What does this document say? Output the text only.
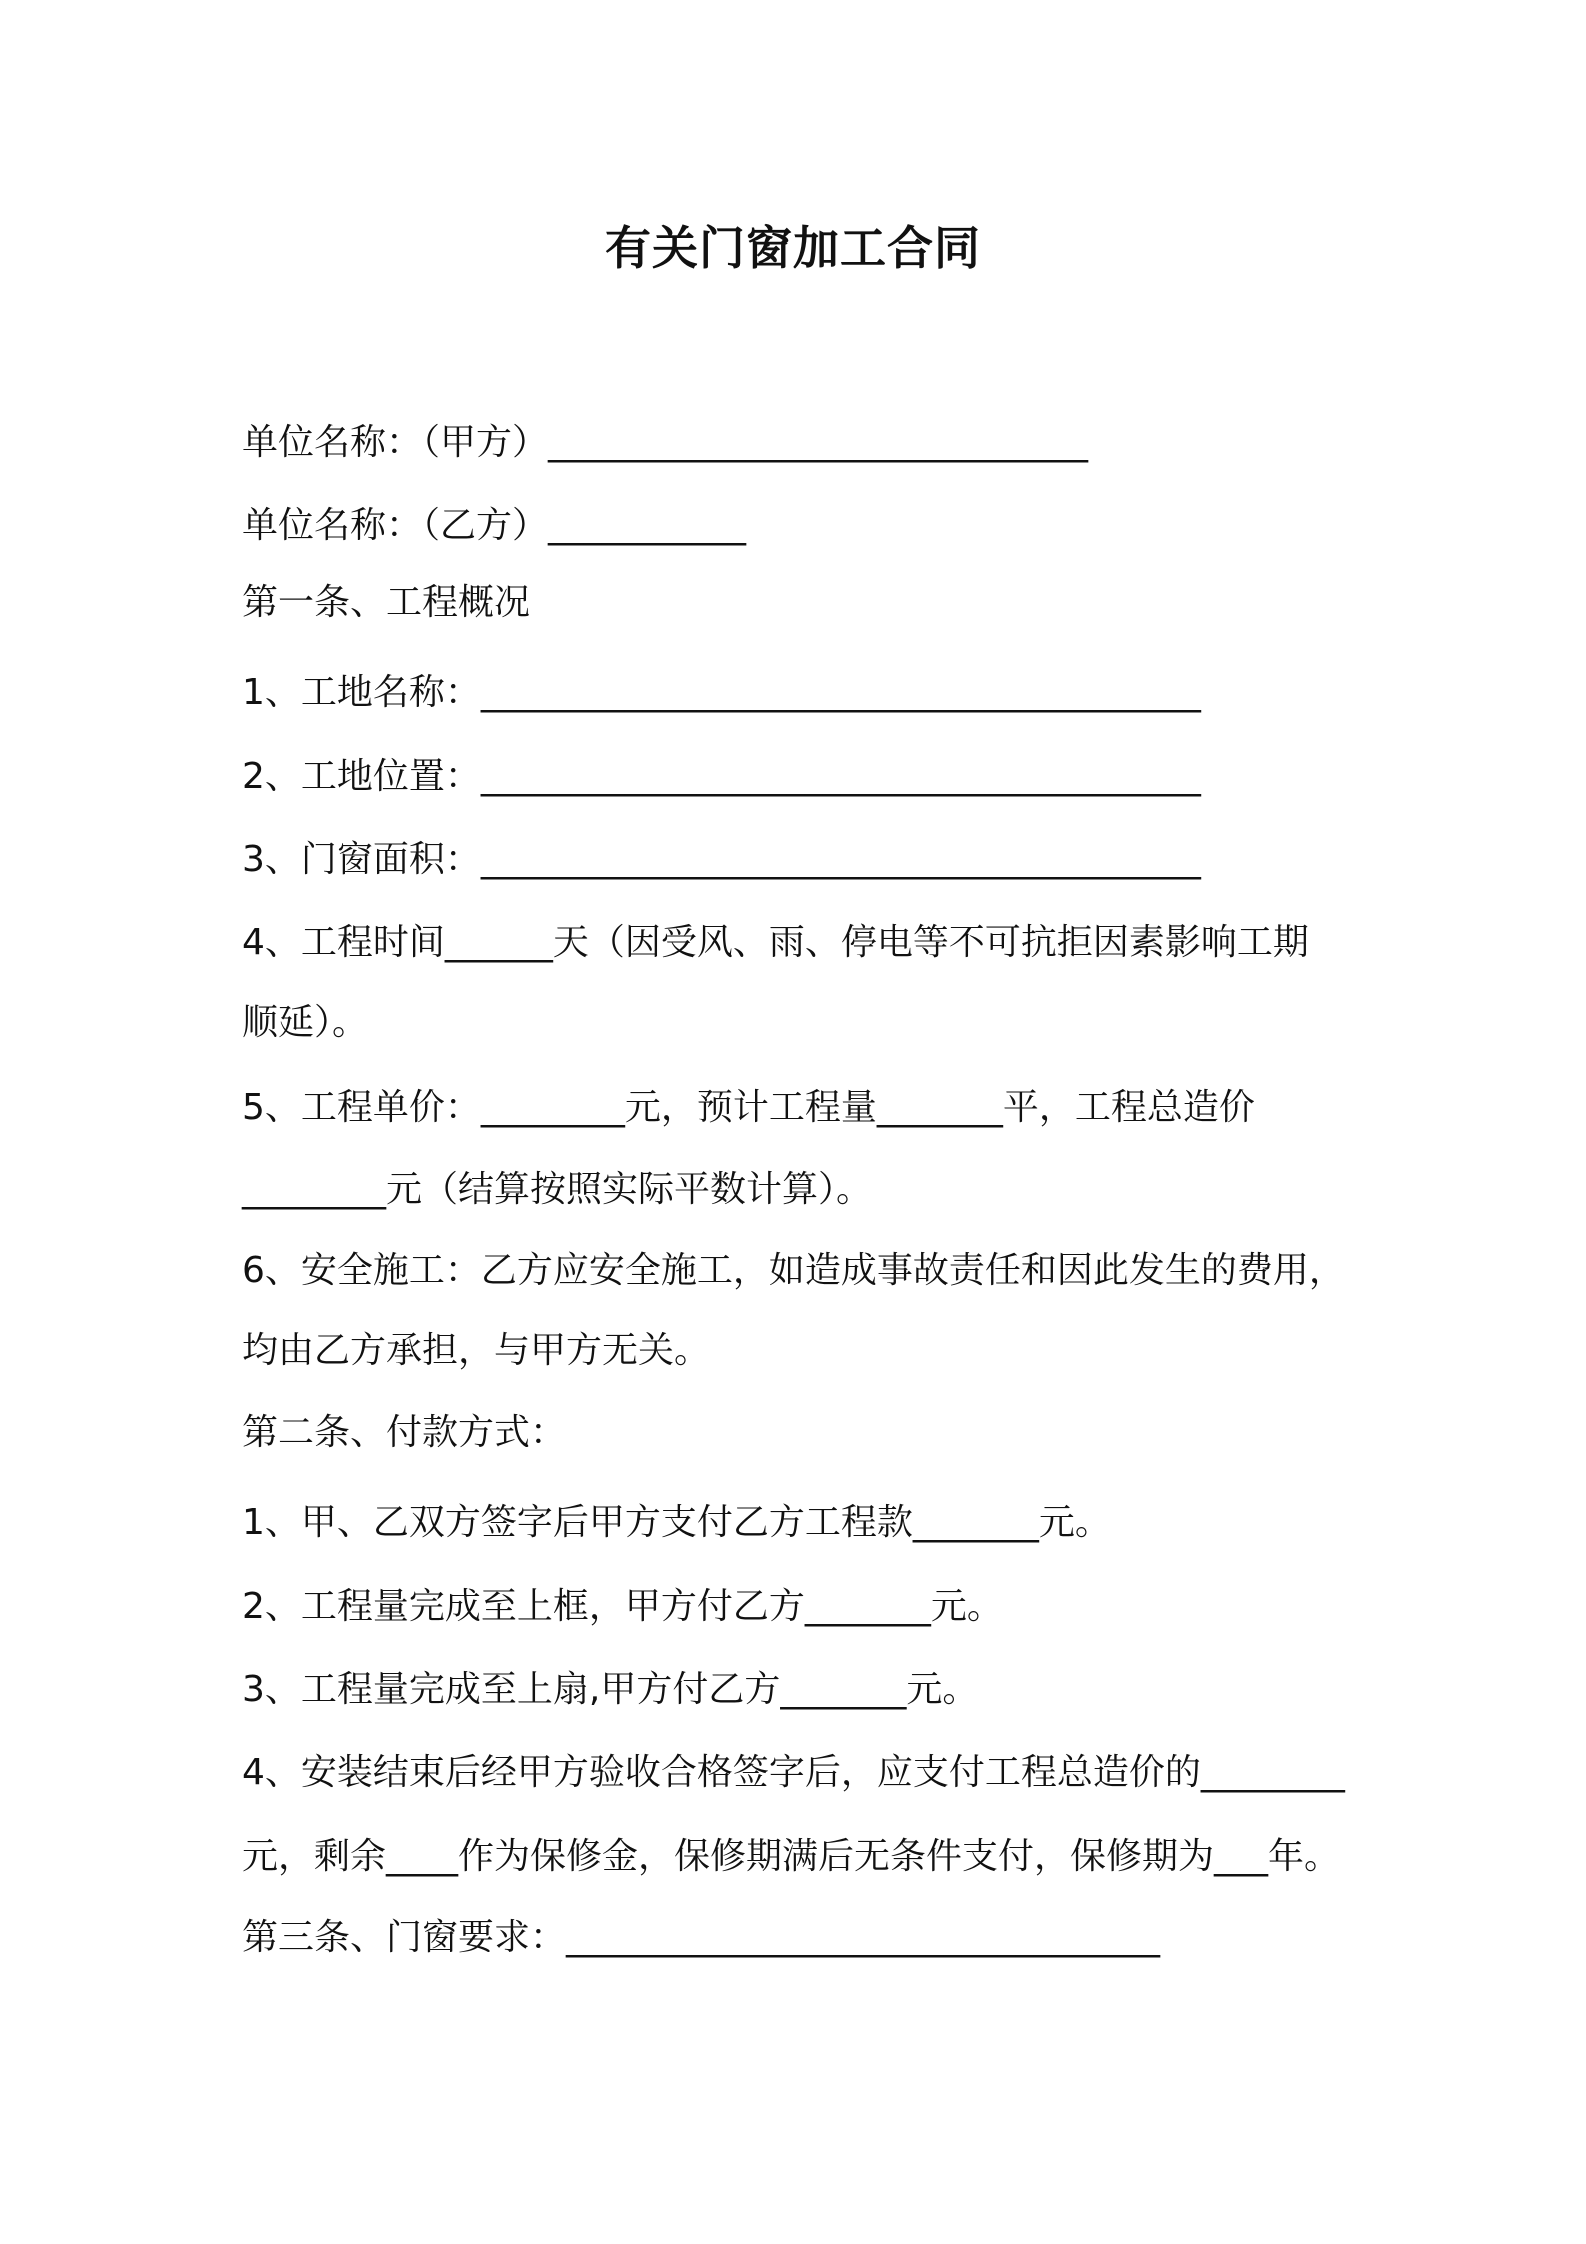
有关门窗加工合同
单位名称：（甲方）______________________________
单位名称：（乙方）___________
第一条、工程概况
1、工地名称：________________________________________
2、工地位置：________________________________________
3、门窗面积：________________________________________
4、工程时间______天（因受风、雨、停电等不可抗拒因素影响工期
顺延）。
5、工程单价：________元，预计工程量_______平，工程总造价
________元（结算按照实际平数计算）。
6、安全施工：乙方应安全施工，如造成事故责任和因此发生的费用，
均由乙方承担，与甲方无关。
第二条、付款方式：
1、甲、乙双方签字后甲方支付乙方工程款_______元。
2、工程量完成至上框，甲方付乙方_______元。
3、工程量完成至上扇,甲方付乙方_______元。
4、安装结束后经甲方验收合格签字后，应支付工程总造价的________
元，剩余____作为保修金，保修期满后无条件支付，保修期为___年。
第三条、门窗要求：_________________________________
